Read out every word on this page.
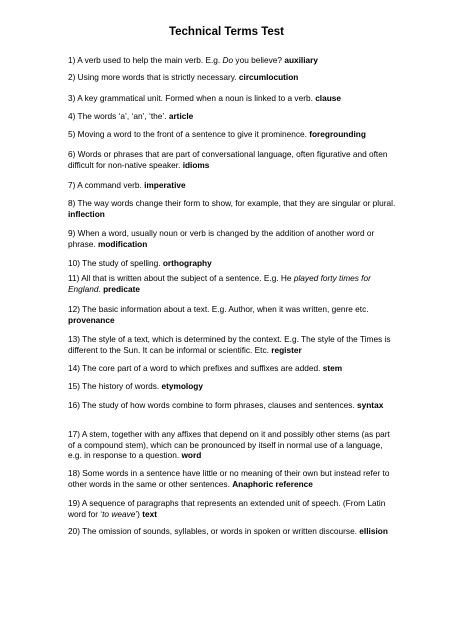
Technical Terms Test
1) A verb used to help the main verb. E.g. Do you believe? auxiliary
2) Using more words that is strictly necessary. circumlocution
3) A key grammatical unit. Formed when a noun is linked to a verb. clause
4) The words ‘a’, ‘an’, ‘the’. article
5) Moving a word to the front of a sentence to give it prominence. foregrounding
6) Words or phrases that are part of conversational language, often figurative and often difficult for non-native speaker. idioms
7) A command verb. imperative
8) The way words change their form to show, for example, that they are singular or plural. inflection
9) When a word, usually noun or verb is changed by the addition of another word or phrase. modification
10) The study of spelling. orthography
11) All that is written about the subject of a sentence. E.g. He played forty times for England. predicate
12) The basic information about a text. E.g. Author, when it was written, genre etc. provenance
13) The style of a text, which is determined by the context. E.g. The style of the Times is different to the Sun. It can be informal or scientific. Etc. register
14) The core part of a word to which prefixes and suffixes are added. stem
15) The history of words. etymology
16) The study of how words combine to form phrases, clauses and sentences. syntax
17) A stem, together with any affixes that depend on it and possibly other stems (as part of a compound stem), which can be pronounced by itself in normal use of a language, e.g. in response to a question. word
18) Some words in a sentence have little or no meaning of their own but instead refer to other words in the same or other sentences. Anaphoric reference
19) A sequence of paragraphs that represents an extended unit of speech. (From Latin word for ‘to weave’) text
20) The omission of sounds, syllables, or words in spoken or written discourse. ellision
